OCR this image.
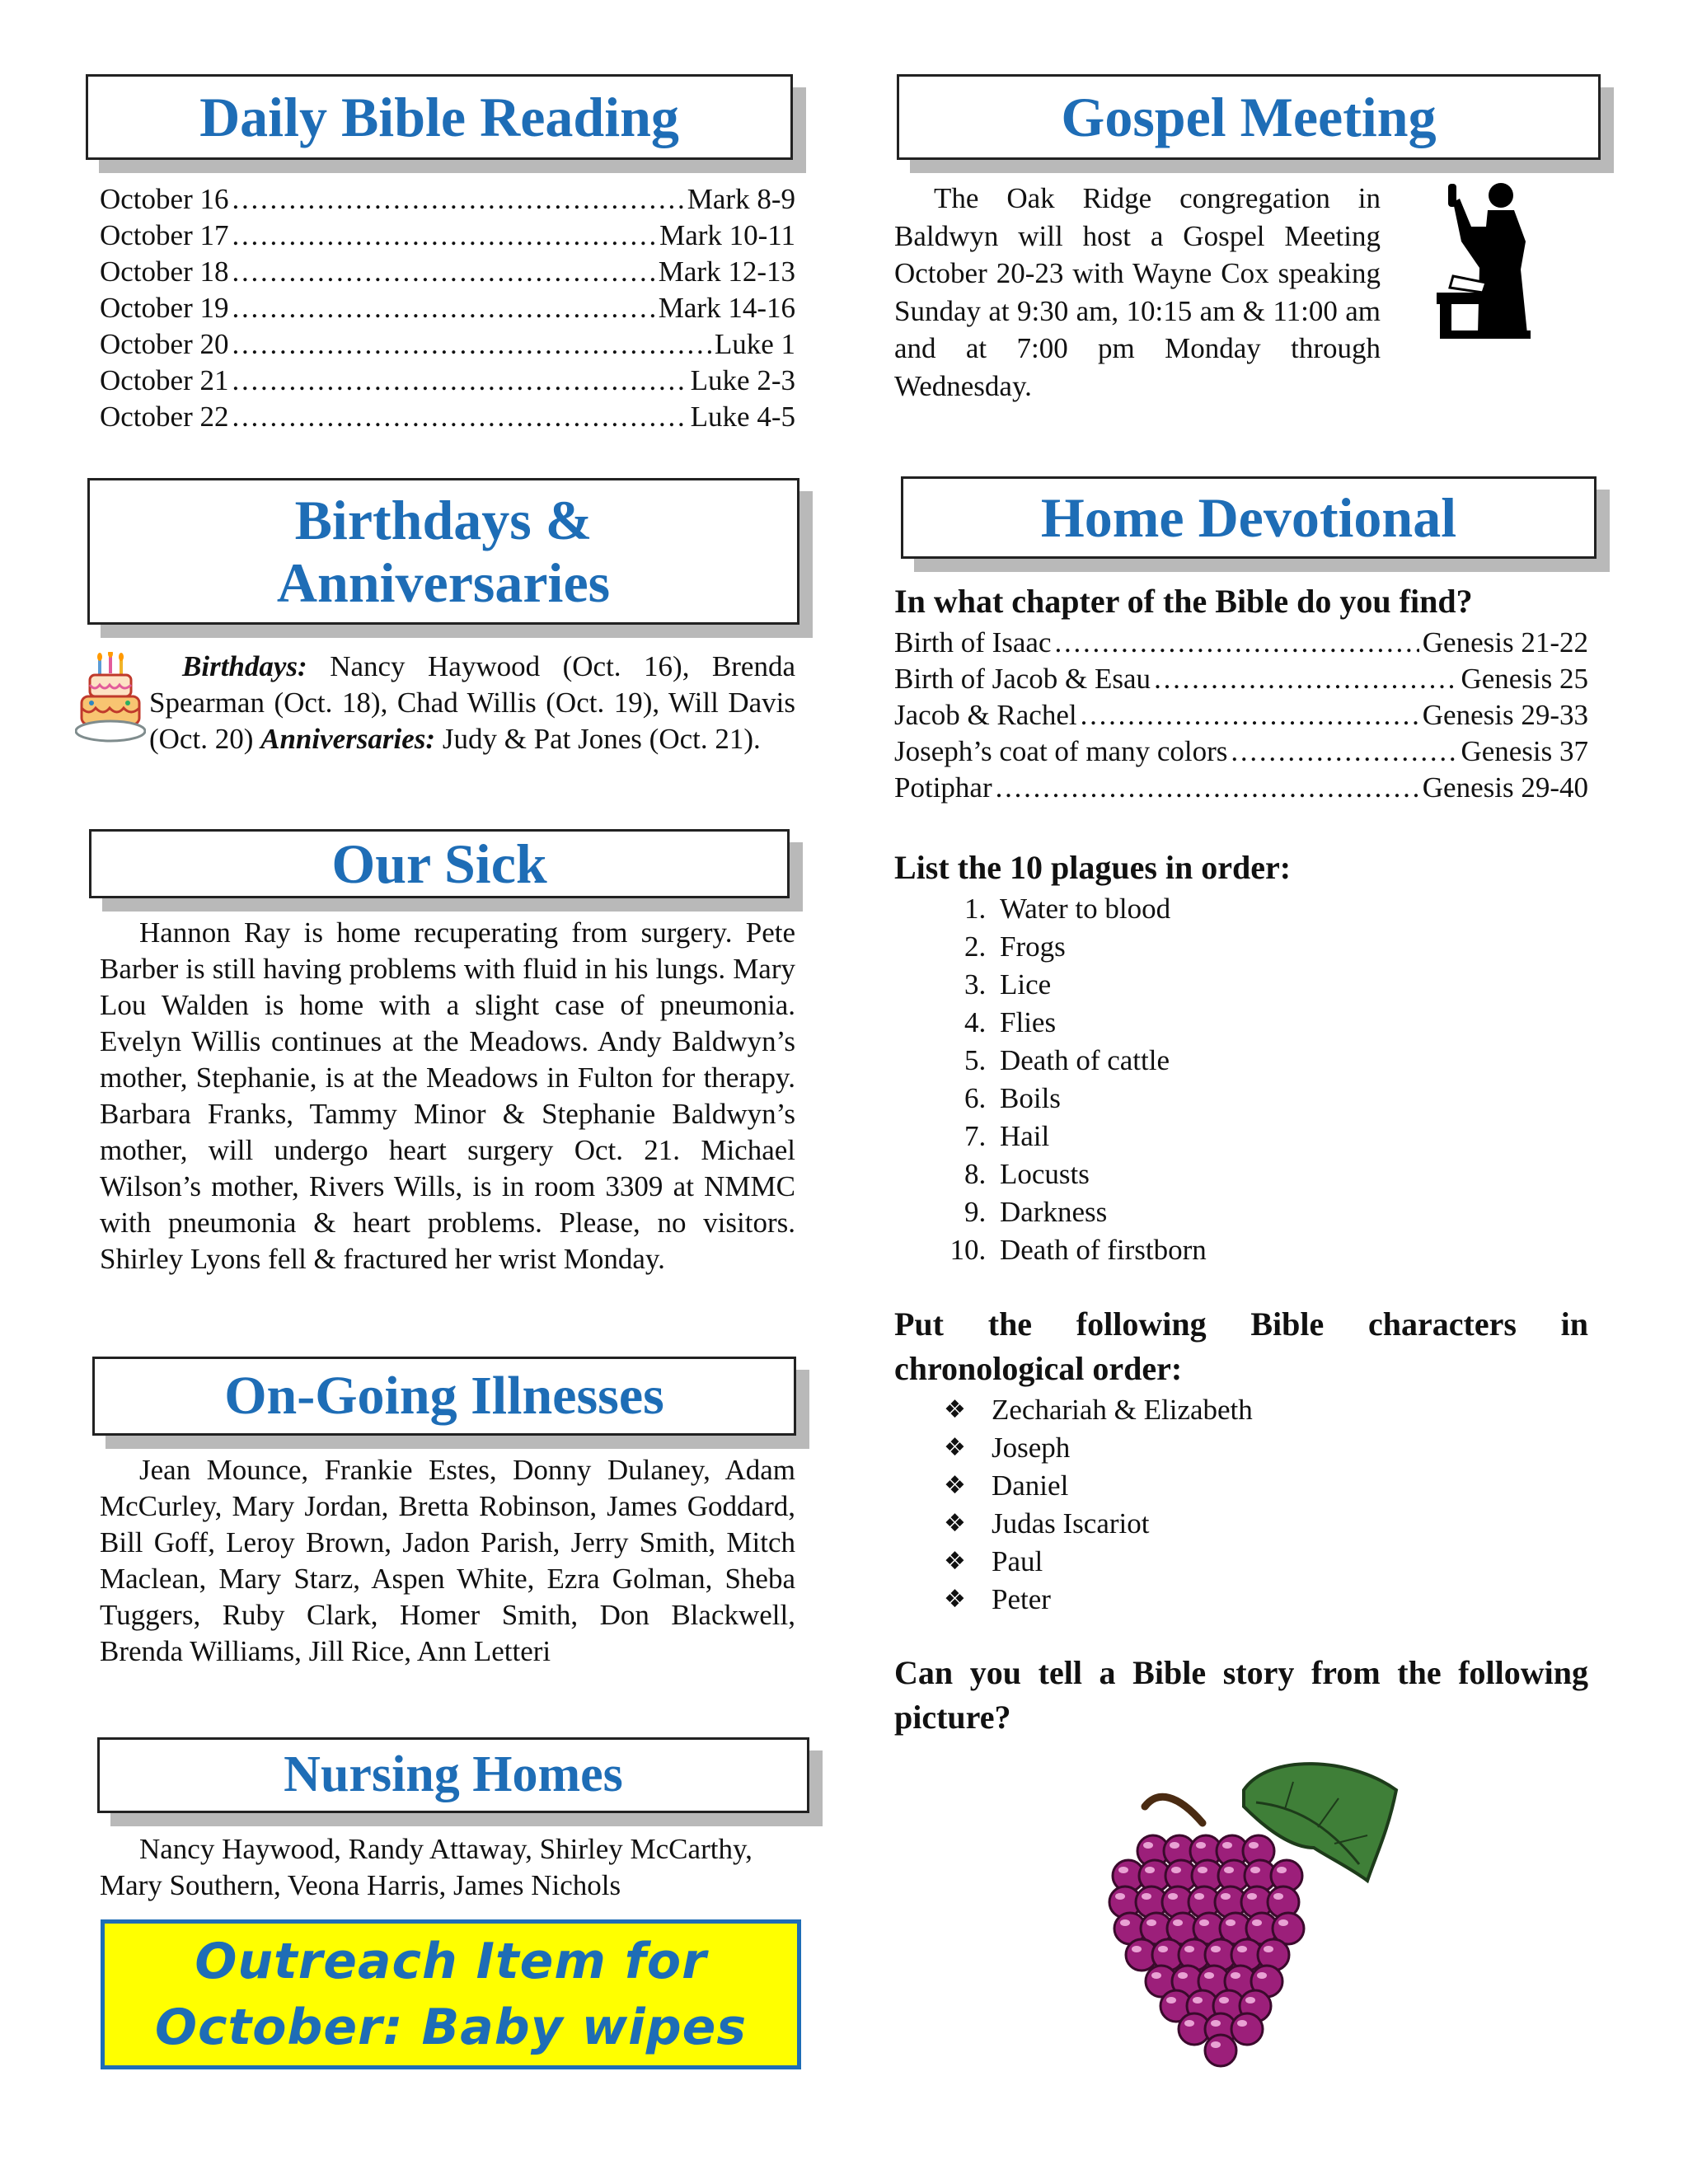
Daily Bible Reading
October 16 . . .	Mark 8-9
October 17 . . .	Mark 10-11
October 18 . . .	Mark 12-13
October 19 . . .	Mark 14-16
October 20 . . .	Luke 1
October 21 . . .	Luke 2-3
October 22 . . .	Luke 4-5
Birthdays &
Anniversaries
Birthdays: Nancy Haywood (Oct. 16), Brenda Spearman (Oct. 18), Chad Willis (Oct. 19), Will Davis (Oct. 20) Anniversaries: Judy & Pat Jones (Oct. 21).
Our Sick
Hannon Ray is home recuperating from surgery. Pete Barber is still having problems with fluid in his lungs. Mary Lou Walden is home with a slight case of pneumonia. Evelyn Willis continues at the Meadows. Andy Baldwyn’s mother, Stephanie, is at the Meadows in Fulton for therapy. Barbara Franks, Tammy Minor & Stephanie Baldwyn’s mother, will undergo heart surgery Oct. 21. Michael Wilson’s mother, Rivers Wills, is in room 3309 at NMMC with pneumonia & heart problems. Please, no visitors. Shirley Lyons fell & fractured her wrist Monday.
On-Going Illnesses
Jean Mounce, Frankie Estes, Donny Dulaney, Adam McCurley, Mary Jordan, Bretta Robinson, James Goddard, Bill Goff, Leroy Brown, Jadon Parish, Jerry Smith, Mitch Maclean, Mary Starz, Aspen White, Ezra Golman, Sheba Tuggers, Ruby Clark, Homer Smith, Don Blackwell, Brenda Williams, Jill Rice, Ann Letteri
Nursing Homes
Nancy Haywood, Randy Attaway, Shirley McCarthy, Mary Southern, Veona Harris, James Nichols
Outreach Item for
October: Baby wipes
Gospel Meeting
The Oak Ridge congregation in Baldwyn will host a Gospel Meeting October 20-23 with Wayne Cox speaking Sunday at 9:30 am, 10:15 am & 11:00 am and at 7:00 pm Monday through Wednesday.
Home Devotional
In what chapter of the Bible do you find?
Birth of Isaac . . .	Genesis 21-22
Birth of Jacob & Esau . . .	Genesis 25
Jacob & Rachel . . .	Genesis 29-33
Joseph’s coat of many colors . . .	Genesis 37
Potiphar . . .	Genesis 29-40
List the 10 plagues in order:
1. Water to blood
2. Frogs
3. Lice
4. Flies
5. Death of cattle
6. Boils
7. Hail
8. Locusts
9. Darkness
10. Death of firstborn
Put the following Bible characters in chronological order:
❖ Zechariah & Elizabeth
❖ Joseph
❖ Daniel
❖ Judas Iscariot
❖ Paul
❖ Peter
Can you tell a Bible story from the following picture?
